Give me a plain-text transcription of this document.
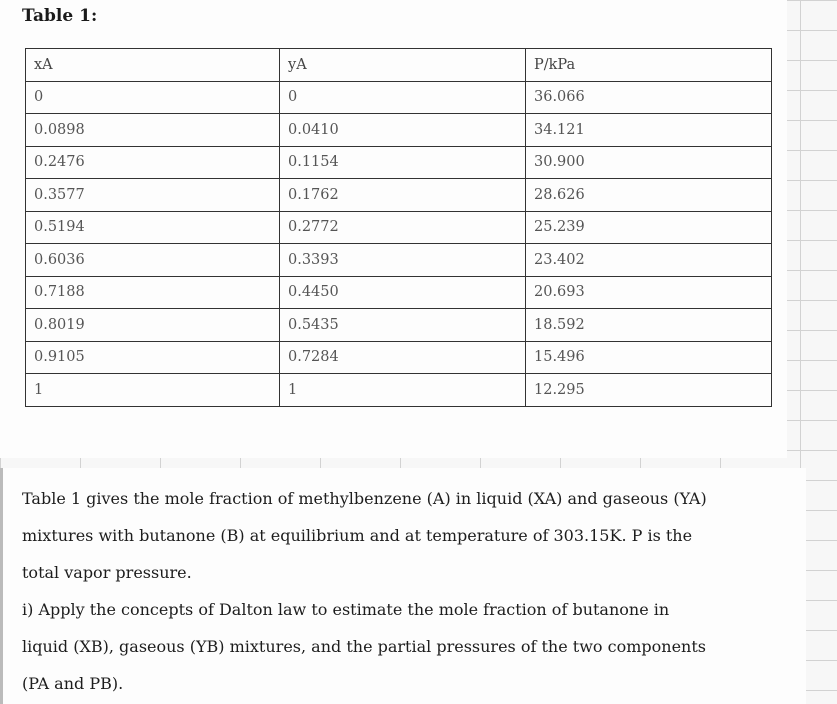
Table 1:
xA	yA	P/kPa
0	0	36.066
0.0898	0.0410	34.121
0.2476	0.1154	30.900
0.3577	0.1762	28.626
0.5194	0.2772	25.239
0.6036	0.3393	23.402
0.7188	0.4450	20.693
0.8019	0.5435	18.592
0.9105	0.7284	15.496
1	1	12.295

Table 1 gives the mole fraction of methylbenzene (A) in liquid (XA) and gaseous (YA)

mixtures with butanone (B) at equilibrium and at temperature of 303.15K. P is the

total vapor pressure.

i) Apply the concepts of Dalton law to estimate the mole fraction of butanone in

liquid (XB), gaseous (YB) mixtures, and the partial pressures of the two components

(PA and PB).
